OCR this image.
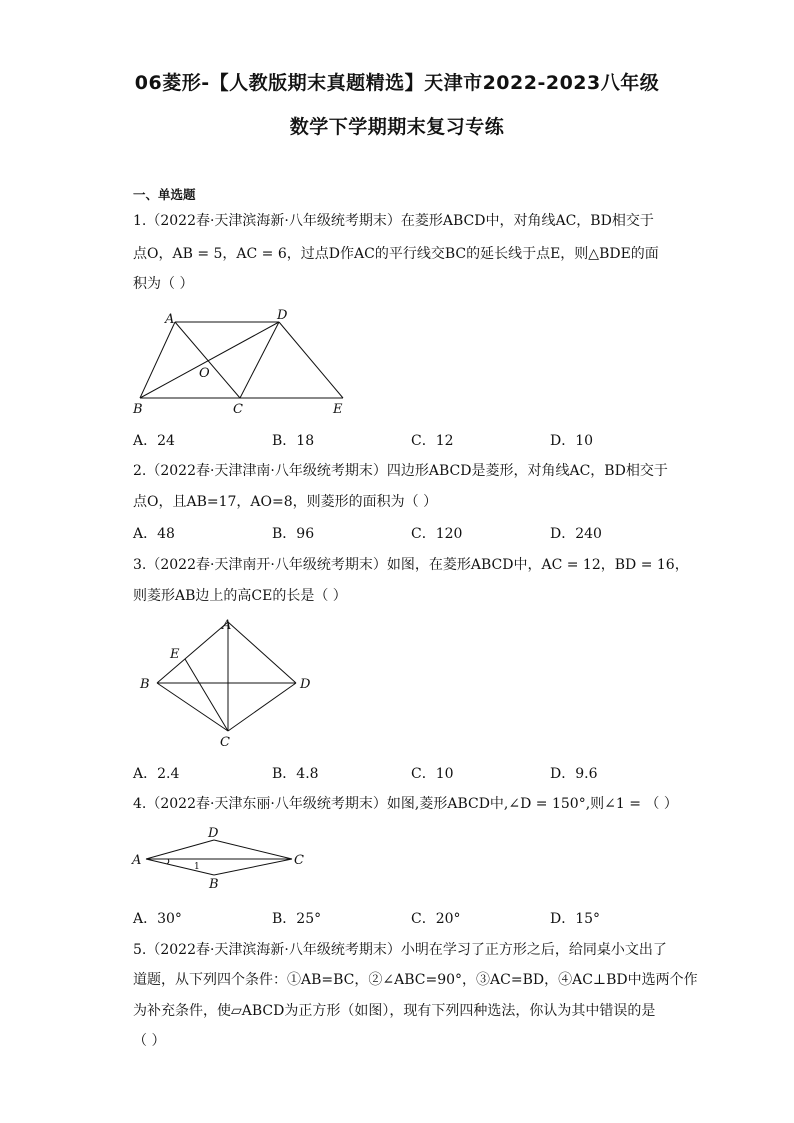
06菱形-【人教版期末真题精选】天津市2022-2023八年级
数学下学期期末复习专练
一、单选题
1.（2022春·天津滨海新·八年级统考期末）在菱形ABCD中，对角线AC，BD相交于
点O，AB = 5，AC = 6，过点D作AC的平行线交BC的延长线于点E，则△BDE的面
积为（ ）
A	D
O
B	C	E
A．24	B．18	C．12	D．10
2.（2022春·天津津南·八年级统考期末）四边形ABCD是菱形，对角线AC，BD相交于
点O，且AB=17，AO=8，则菱形的面积为（ ）
A．48	B．96	C．120	D．240
3.（2022春·天津南开·八年级统考期末）如图，在菱形ABCD中，AC = 12，BD = 16，
则菱形AB边上的高CE的长是（ ）
A
E
B	D
C
A．2.4	B．4.8	C．10	D．9.6
4.（2022春·天津东丽·八年级统考期末）如图,菱形ABCD中,∠D = 150°,则∠1 = （ ）
D
A	C
B
1
A．30°	B．25°	C．20°	D．15°
5.（2022春·天津滨海新·八年级统考期末）小明在学习了正方形之后，给同桌小文出了
道题，从下列四个条件：①AB=BC，②∠ABC=90°，③AC=BD，④AC⊥BD中选两个作
为补充条件，使▱ABCD为正方形（如图），现有下列四种选法，你认为其中错误的是
（ ）
